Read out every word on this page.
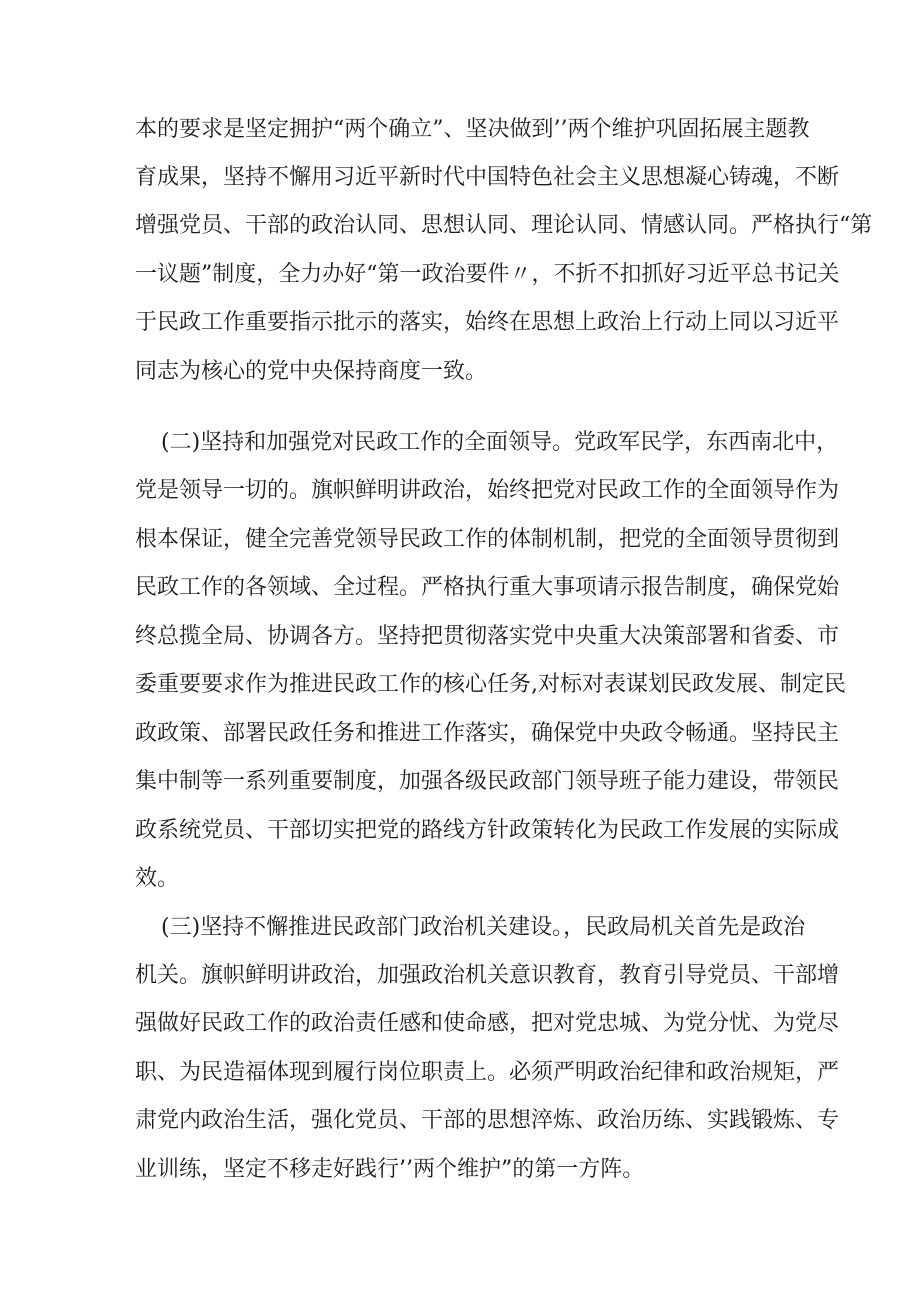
本的要求是坚定拥护“两个确立”、坚决做到’’两个维护巩固拓展主题教
育成果，坚持不懈用习近平新时代中国特色社会主义思想凝心铸魂，不断
增强党员、干部的政治认同、思想认同、理论认同、情感认同。严格执行“第
一议题”制度，全力办好“第一政治要件〃，不折不扣抓好习近平总书记关
于民政工作重要指示批示的落实，始终在思想上政治上行动上同以习近平
同志为核心的党中央保持商度一致。
(二)坚持和加强党对民政工作的全面领导。党政军民学，东西南北中，
党是领导一切的。旗帜鲜明讲政治，始终把党对民政工作的全面领导作为
根本保证，健全完善党领导民政工作的体制机制，把党的全面领导贯彻到
民政工作的各领域、全过程。严格执行重大事项请示报告制度，确保党始
终总揽全局、协调各方。坚持把贯彻落实党中央重大决策部署和省委、市
委重要要求作为推进民政工作的核心任务,对标对表谋划民政发展、制定民
政政策、部署民政任务和推进工作落实，确保党中央政令畅通。坚持民主
集中制等一系列重要制度，加强各级民政部门领导班子能力建设，带领民
政系统党员、干部切实把党的路线方针政策转化为民政工作发展的实际成
效。
(三)坚持不懈推进民政部门政治机关建设。，民政局机关首先是政治
机关。旗帜鲜明讲政治，加强政治机关意识教育，教育引导党员、干部增
强做好民政工作的政治责任感和使命感，把对党忠城、为党分忧、为党尽
职、为民造福体现到履行岗位职责上。必须严明政治纪律和政治规矩，严
肃党内政治生活，强化党员、干部的思想淬炼、政治历练、实践锻炼、专
业训练，坚定不移走好践行’’两个维护”的第一方阵。
